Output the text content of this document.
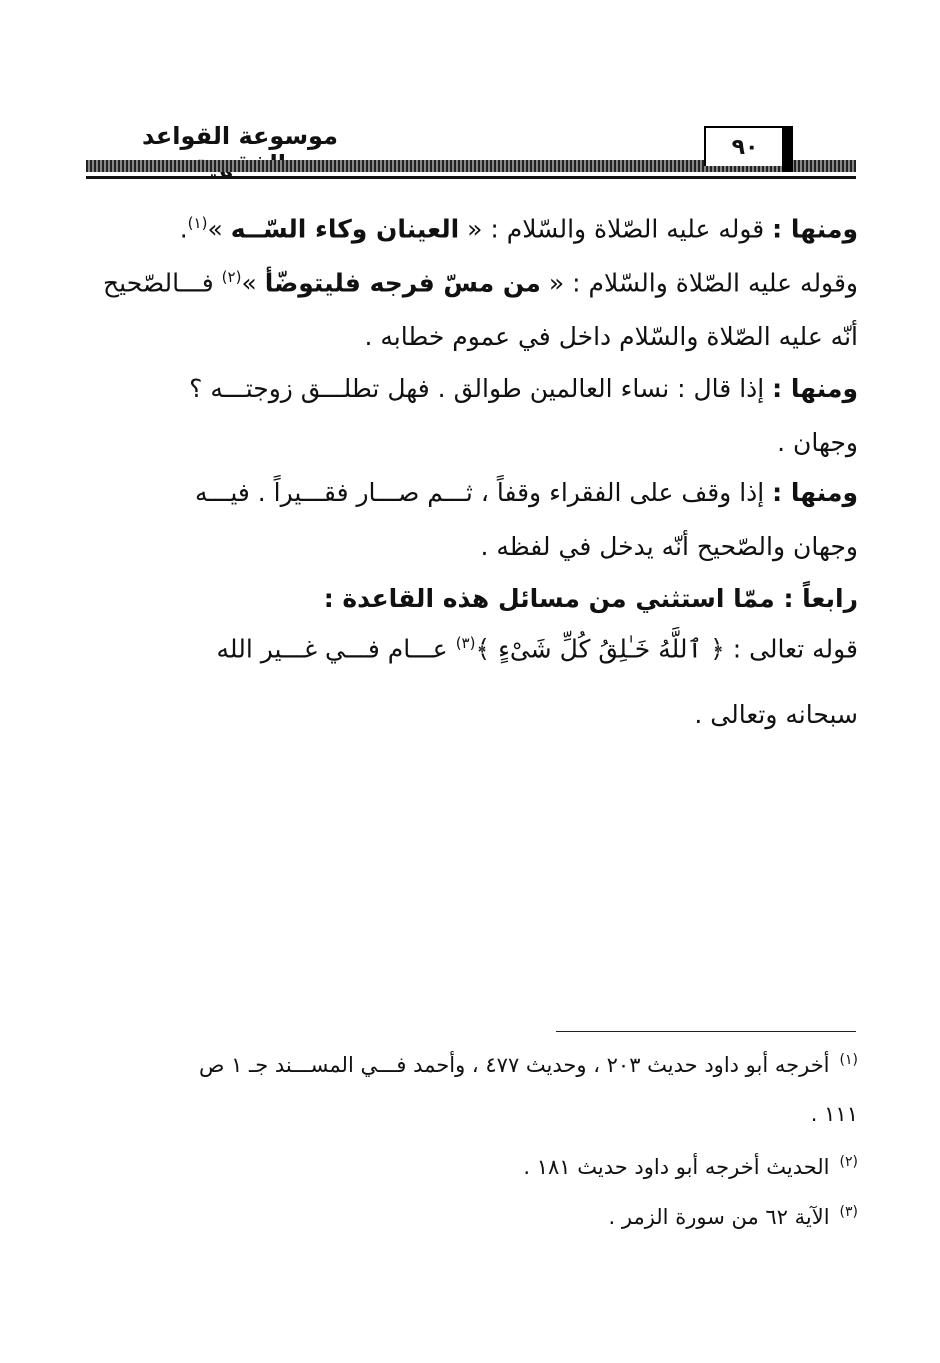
موسوعة القواعد	٩٠
ومنها : قوله عليه الصّلاة والسّلام : « العينان وكاء السّــه »$^{(١)}$.
وقوله عليه الصّلاة والسّلام : « من مسّ فرجه فليتوضّأ »$^{(٢)}$ فـــالصّحيح
أنّه عليه الصّلاة والسّلام داخل في عموم خطابه .
ومنها : إذا قال : نساء العالمين طوالق . فهل تطلـــق زوجتـــه ؟
وجهان .
ومنها : إذا وقف على الفقراء وقفاً ، ثـــم صـــار فقـــيراً . فيـــه
وجهان والصّحيح أنّه يدخل في لفظه .
رابعاً : ممّا استثني من مسائل هذه القاعدة :
قوله تعالى : ﴿ ٱللَّهُ خَـٰلِقُ كُلِّ شَىْءٍ ﴾$^{(٣)}$ عـــام فـــي غـــير الله
سبحانه وتعالى .
$^{(١)}$أخرجه أبو داود حديث ٢٠٣ ، وحديث ٤٧٧ ، وأحمد فـــي المســـند جـ ١ ص
١١١ .
$^{(٢)}$الحديث أخرجه أبو داود حديث ١٨١ .
$^{(٣)}$الآية ٦٢ من سورة الزمر .
